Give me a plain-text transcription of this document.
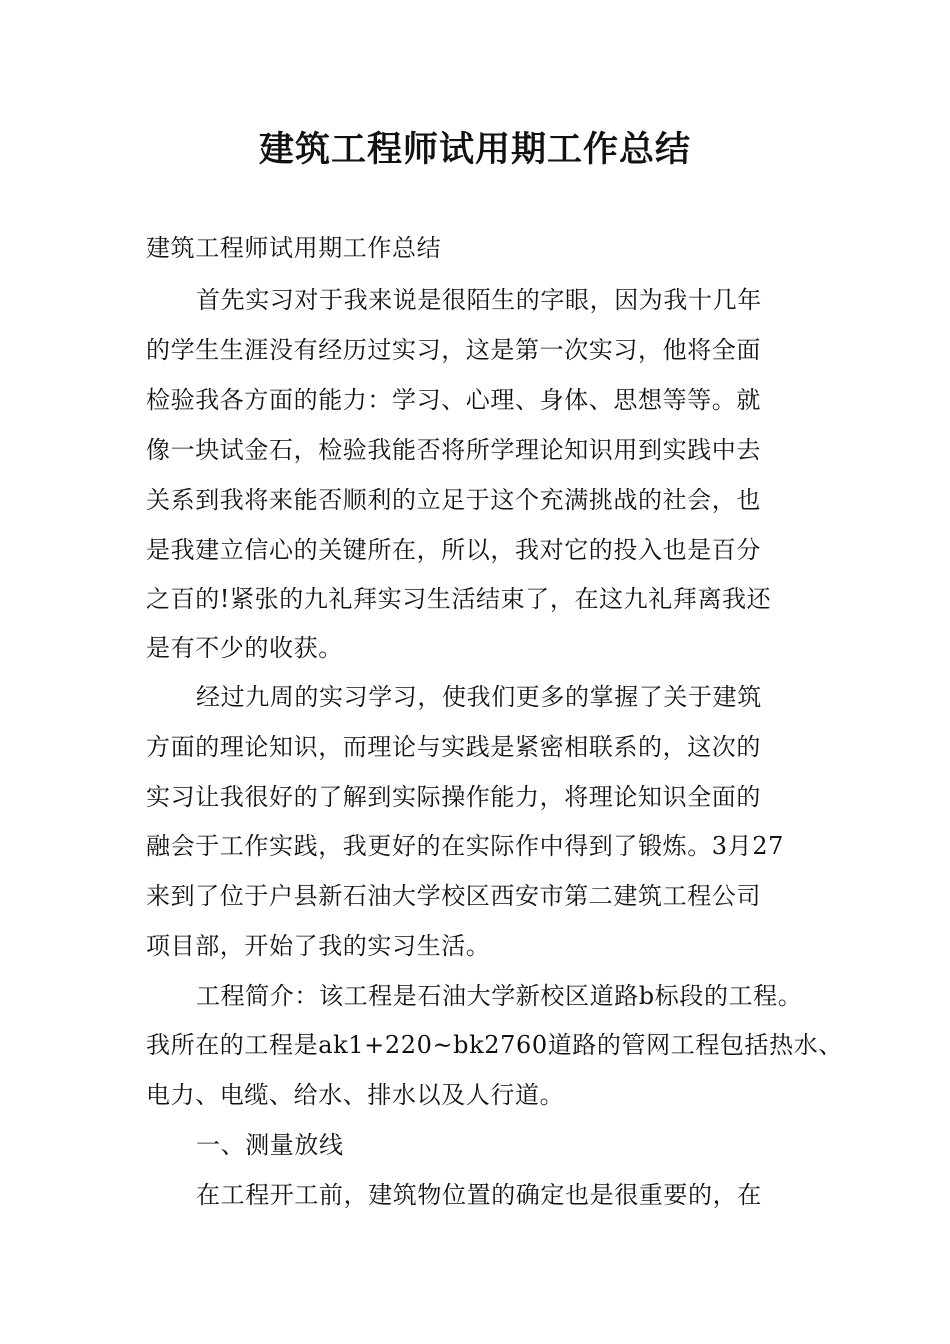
建筑工程师试用期工作总结
建筑工程师试用期工作总结
首先实习对于我来说是很陌生的字眼，因为我十几年
的学生生涯没有经历过实习，这是第一次实习，他将全面
检验我各方面的能力：学习、心理、身体、思想等等。就
像一块试金石，检验我能否将所学理论知识用到实践中去
关系到我将来能否顺利的立足于这个充满挑战的社会，也
是我建立信心的关键所在，所以，我对它的投入也是百分
之百的!紧张的九礼拜实习生活结束了，在这九礼拜离我还
是有不少的收获。
经过九周的实习学习，使我们更多的掌握了关于建筑
方面的理论知识，而理论与实践是紧密相联系的，这次的
实习让我很好的了解到实际操作能力，将理论知识全面的
融会于工作实践，我更好的在实际作中得到了锻炼。3月27
来到了位于户县新石油大学校区西安市第二建筑工程公司
项目部，开始了我的实习生活。
工程简介：该工程是石油大学新校区道路b标段的工程。
我所在的工程是ak1+220~bk2760道路的管网工程包括热水、
电力、电缆、给水、排水以及人行道。
一、测量放线
在工程开工前，建筑物位置的确定也是很重要的，在
